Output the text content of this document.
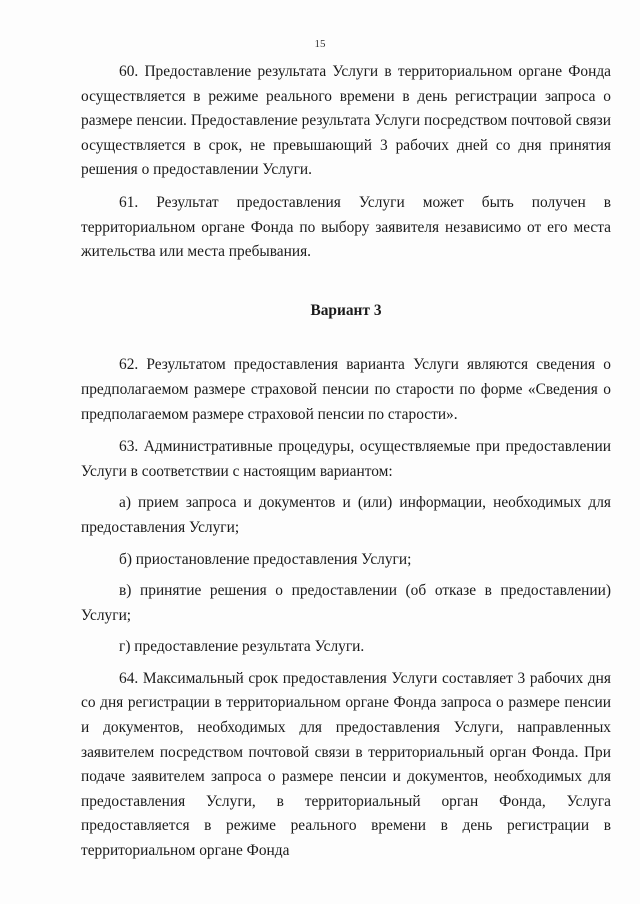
15

60. Предоставление результата Услуги в территориальном органе Фонда осуществляется в режиме реального времени в день регистрации запроса о размере пенсии. Предоставление результата Услуги посредством почтовой связи осуществляется в срок, не превышающий 3 рабочих дней со дня принятия решения о предоставлении Услуги.

61. Результат предоставления Услуги может быть получен в территориальном органе Фонда по выбору заявителя независимо от его места жительства или места пребывания.

Вариант 3

62. Результатом предоставления варианта Услуги являются сведения о предполагаемом размере страховой пенсии по старости по форме «Сведения о предполагаемом размере страховой пенсии по старости».

63. Административные процедуры, осуществляемые при предоставлении Услуги в соответствии с настоящим вариантом:

а) прием запроса и документов и (или) информации, необходимых для предоставления Услуги;

б) приостановление предоставления Услуги;

в) принятие решения о предоставлении (об отказе в предоставлении) Услуги;

г) предоставление результата Услуги.

64. Максимальный срок предоставления Услуги составляет 3 рабочих дня со дня регистрации в территориальном органе Фонда запроса о размере пенсии и документов, необходимых для предоставления Услуги, направленных заявителем посредством почтовой связи в территориальный орган Фонда. При подаче заявителем запроса о размере пенсии и документов, необходимых для предоставления Услуги, в территориальный орган Фонда, Услуга предоставляется в режиме реального времени в день регистрации в территориальном органе Фонда
